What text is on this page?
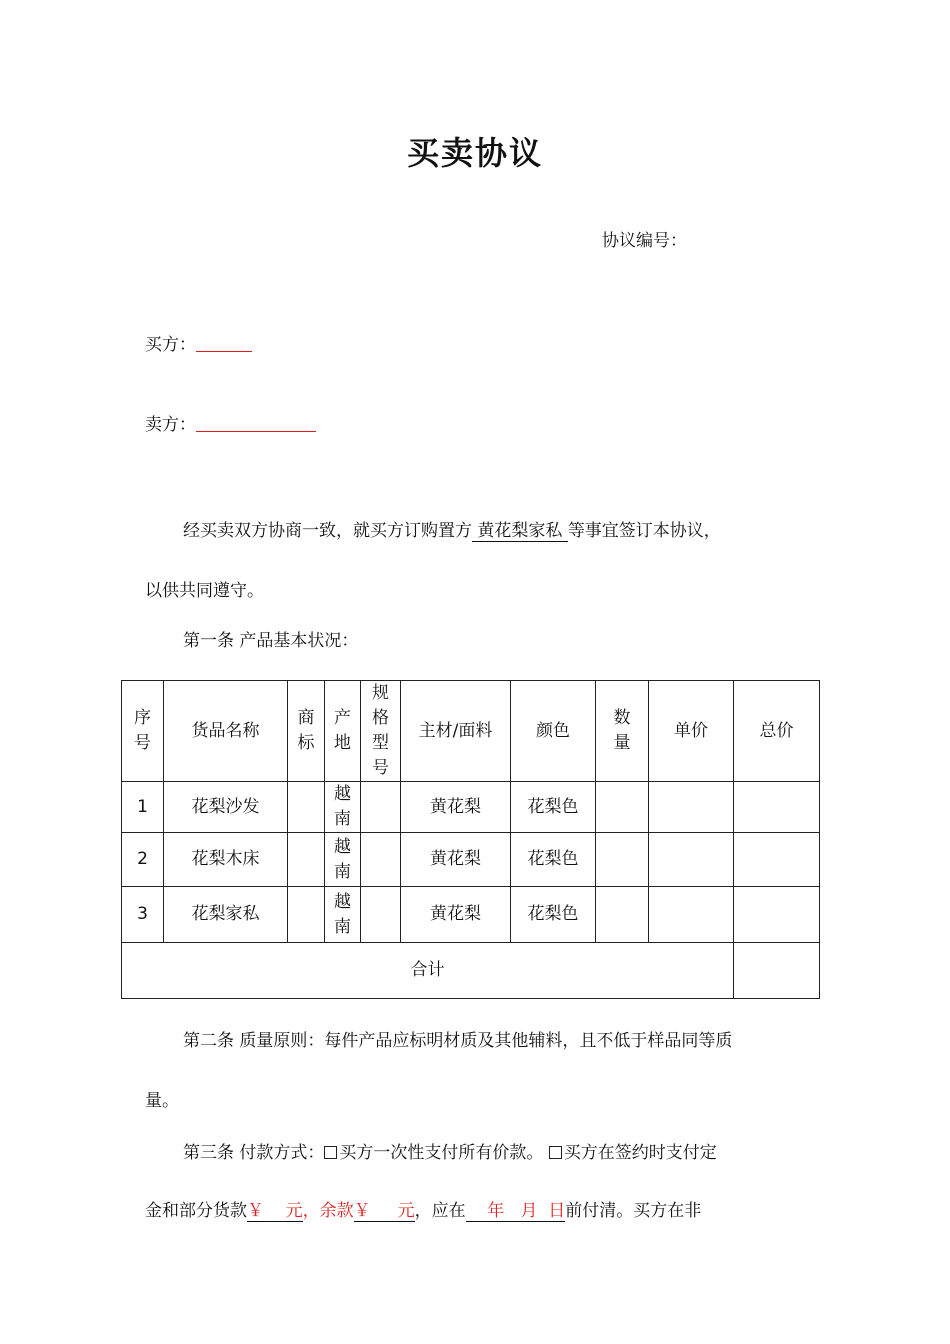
买卖协议
协议编号：
买方：
卖方：
经买卖双方协商一致，就买方订购置方 黄花梨家私 等事宜签订本协议，
以供共同遵守。
第一条 产品基本状况：
序号	货品名称	商标	产地	规格型号	主材/面料	颜色	数量	单价	总价
1	花梨沙发		越南		黄花梨	花梨色			
2	花梨木床		越南		黄花梨	花梨色			
3	花梨家私		越南		黄花梨	花梨色			
合计									
第二条 质量原则：每件产品应标明材质及其他辅料，且不低于样品同等质
量。
第三条 付款方式： 买方一次性支付所有价款。 买方在签约时支付定
金和部分货款￥    元，余款￥     元，应在    年   月  日前付清。买方在非
